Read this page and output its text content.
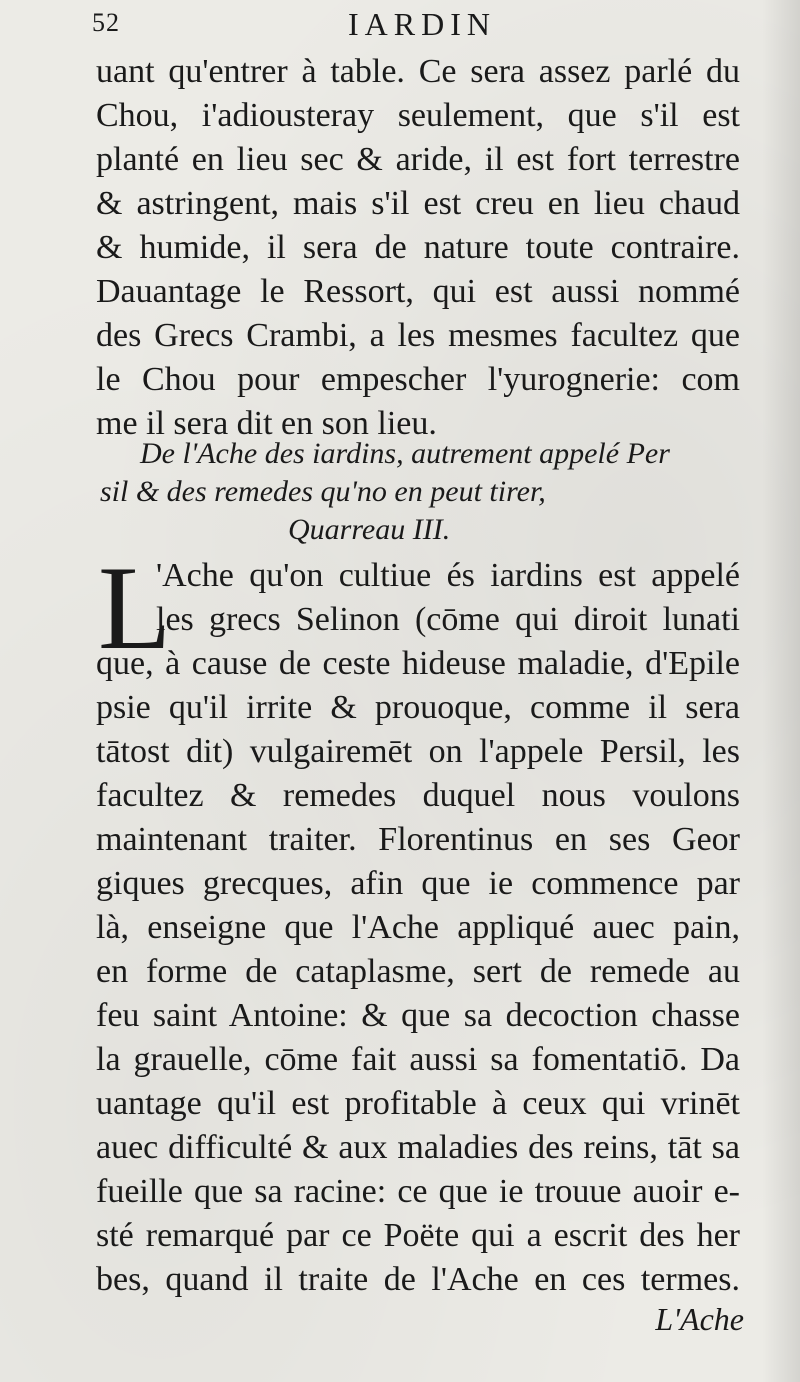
52	IARDIN
uant qu'entrer à table. Ce sera assez parlé du
Chou, i'adiousteray seulement, que s'il est
planté en lieu sec & aride, il est fort terrestre
& astringent, mais s'il est creu en lieu chaud
& humide, il sera de nature toute contraire.
Dauantage le Ressort, qui est aussi nommé
des Grecs Crambi, a les mesmes facultez que
le Chou pour empescher l'yurognerie: com
me il sera dit en son lieu.
De l'Ache des iardins, autrement appelé Per
sil & des remedes qu'no en peut tirer,
Quarreau III.
L
'Ache qu'on cultiue és iardins est appelé
les grecs Selinon (cōme qui diroit lunati
que, à cause de ceste hideuse maladie, d'Epile
psie qu'il irrite & prouoque, comme il sera
tātost dit) vulgairemēt on l'appele Persil, les
facultez & remedes duquel nous voulons
maintenant traiter. Florentinus en ses Geor
giques grecques, afin que ie commence par
là, enseigne que l'Ache appliqué auec pain,
en forme de cataplasme, sert de remede au
feu saint Antoine: & que sa decoction chasse
la grauelle, cōme fait aussi sa fomentatiō. Da
uantage qu'il est profitable à ceux qui vrinēt
auec difficulté & aux maladies des reins, tāt sa
fueille que sa racine: ce que ie trouue auoir e-
sté remarqué par ce Poëte qui a escrit des her
bes, quand il traite de l'Ache en ces termes.
L'Ache
